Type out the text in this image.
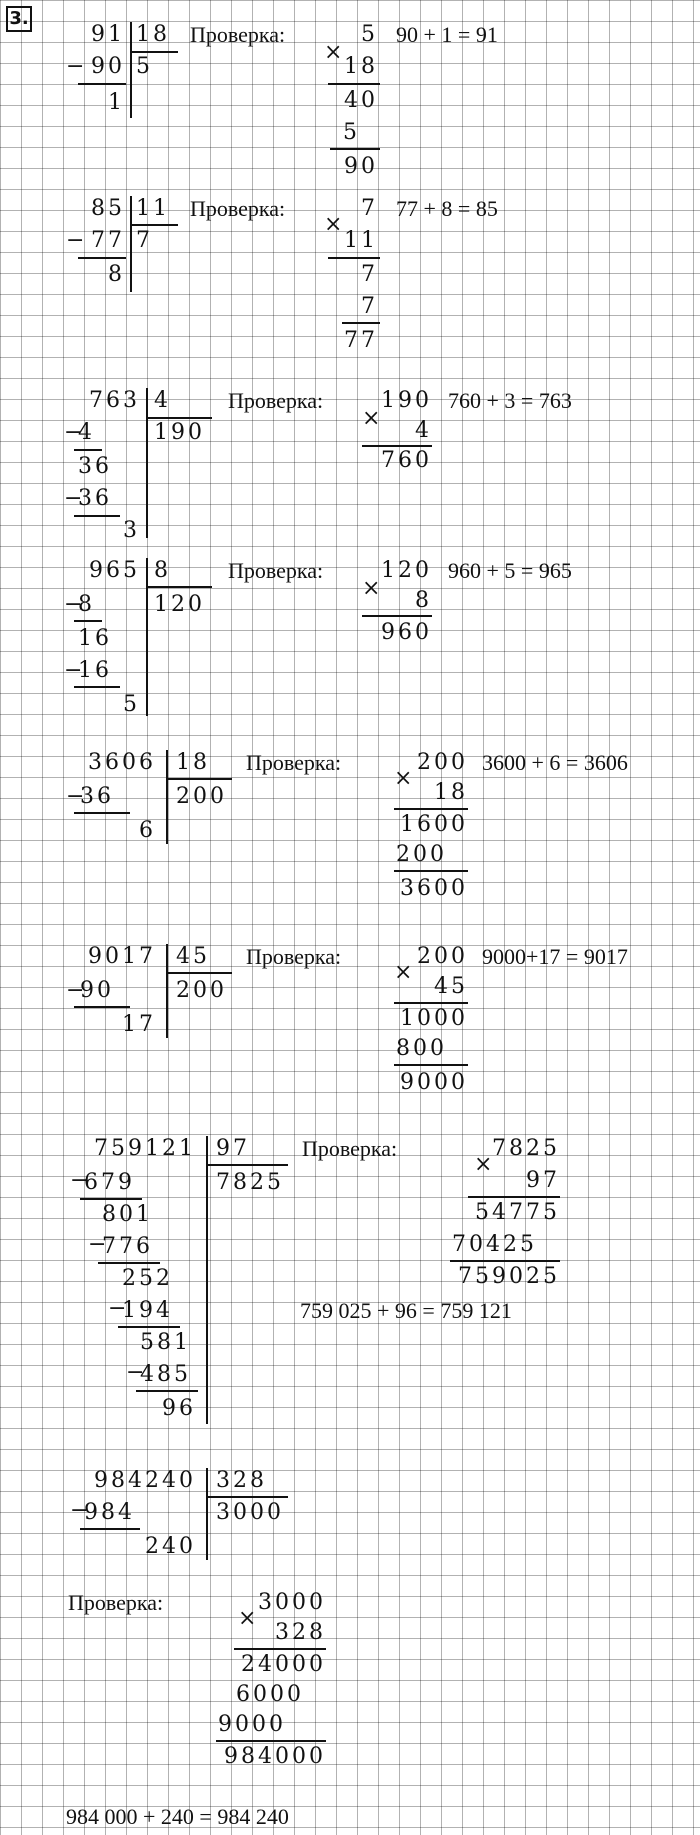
3.
91 18
5
− 90
1
Проверка:
×
5
18
40
5
90
90 + 1 = 91
85 11
7
− 77
8
Проверка:
×
7
11
7
7
77
77 + 8 = 85
763 4
190
−
4
36
−
36
3
Проверка:
×
190
4
760
760 + 3 = 763
965 8
120
−
8
16
−
16
5
Проверка:
×
120
8
960
960 + 5 = 965
3606 18
200
−
36
6
Проверка:
×
200
18
1600
200
3600
3600 + 6 = 3606
9017 45
200
−
90
17
Проверка:
×
200
45
1000
800
9000
9000+17 = 9017
759121 97
7825
−
679
801
−
776
252
−
194
581
−
485
96
Проверка:
×
7825
97
54775
70425
759025
759 025 + 96 = 759 121
984240 328
3000
−
984
240
Проверка:
×
3000
328
24000
6000
9000
984000
984 000 + 240 = 984 240
